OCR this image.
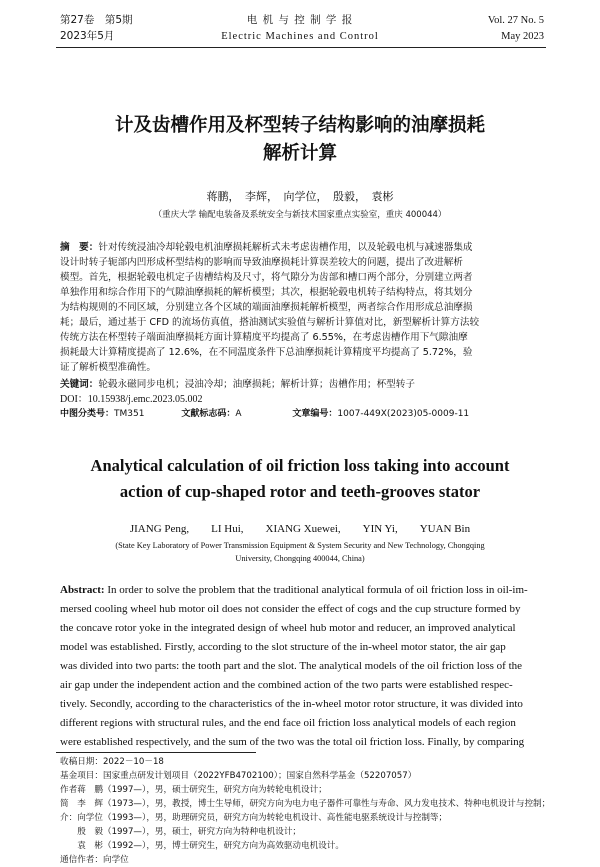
第27卷　第5期
2023年5月
电 机 与 控 制 学 报
Electric Machines and Control
Vol. 27 No. 5
May 2023
计及齿槽作用及杯型转子结构影响的油摩损耗
解析计算
蒋鹏，　李辉，　向学位，　殷毅，　袁彬
（重庆大学 输配电装备及系统安全与新技术国家重点实验室，重庆 400044）
摘　要：针对传统浸油冷却轮毂电机油摩损耗解析式未考虑齿槽作用，以及轮毂电机与减速器集成
设计时转子轭部内凹形成杯型结构的影响而导致油摩损耗计算误差较大的问题，提出了改进解析
模型。首先，根据轮毂电机定子齿槽结构及尺寸，将气隙分为齿部和槽口两个部分，分别建立两者
单独作用和综合作用下的气隙油摩损耗的解析模型；其次，根据轮毂电机转子结构特点，将其划分
为结构规则的不同区域，分别建立各个区域的端面油摩损耗解析模型，两者综合作用形成总油摩损
耗；最后，通过基于 CFD 的流场仿真值，搭油测试实验值与解析计算值对比，新型解析计算方法较
传统方法在杯型转子端面油摩损耗方面计算精度平均提高了 6.55%，在考虑齿槽作用下气隙油摩
损耗最大计算精度提高了 12.6%，在不同温度条件下总油摩损耗计算精度平均提高了 5.72%，验
证了解析模型准确性。
关键词：轮毂永磁同步电机；浸油冷却；油摩损耗；解析计算；齿槽作用；杯型转子
DOI：10.15938/j.emc.2023.05.002
中图分类号：TM351	文献标志码：A	文章编号：1007-449X(2023)05-0009-11
Analytical calculation of oil friction loss taking into account
action of cup-shaped rotor and teeth-grooves stator
JIANG Peng,　　LI Hui,　　XIANG Xuewei,　　YIN Yi,　　YUAN Bin
(State Key Laboratory of Power Transmission Equipment & System Security and New Technology, Chongqing
University, Chongqing 400044, China)
Abstract: In order to solve the problem that the traditional analytical formula of oil friction loss in oil-im-
mersed cooling wheel hub motor oil does not consider the effect of cogs and the cup structure formed by
the concave rotor yoke in the integrated design of wheel hub motor and reducer, an improved analytical
model was established. Firstly, according to the slot structure of the in-wheel motor stator, the air gap
was divided into two parts: the tooth part and the slot. The analytical models of the oil friction loss of the
air gap under the independent action and the combined action of the two parts were established respec-
tively. Secondly, according to the characteristics of the in-wheel motor rotor structure, it was divided into
different regions with structural rules, and the end face oil friction loss analytical models of each region
were established respectively, and the sum of the two was the total oil friction loss. Finally, by comparing
收稿日期：2022－10－18
基金项目：国家重点研发计划项目（2022YFB4702100）；国家自然科学基金（52207057）
作者简介：
蒋　鹏（1997—），男，硕士研究生，研究方向为转轮电机设计；
李　辉（1973—），男，教授，博士生导师，研究方向为电力电子器件可靠性与寿命、风力发电技术、特种电机设计与控制；
向学位（1993—），男，助理研究员，研究方向为转轮电机设计、高性能电驱系统设计与控制等；
殷　毅（1997—），男，硕士，研究方向为特种电机设计；
袁　彬（1992—），男，博士研究生，研究方向为高效驱动电机设计。
通信作者：向学位
